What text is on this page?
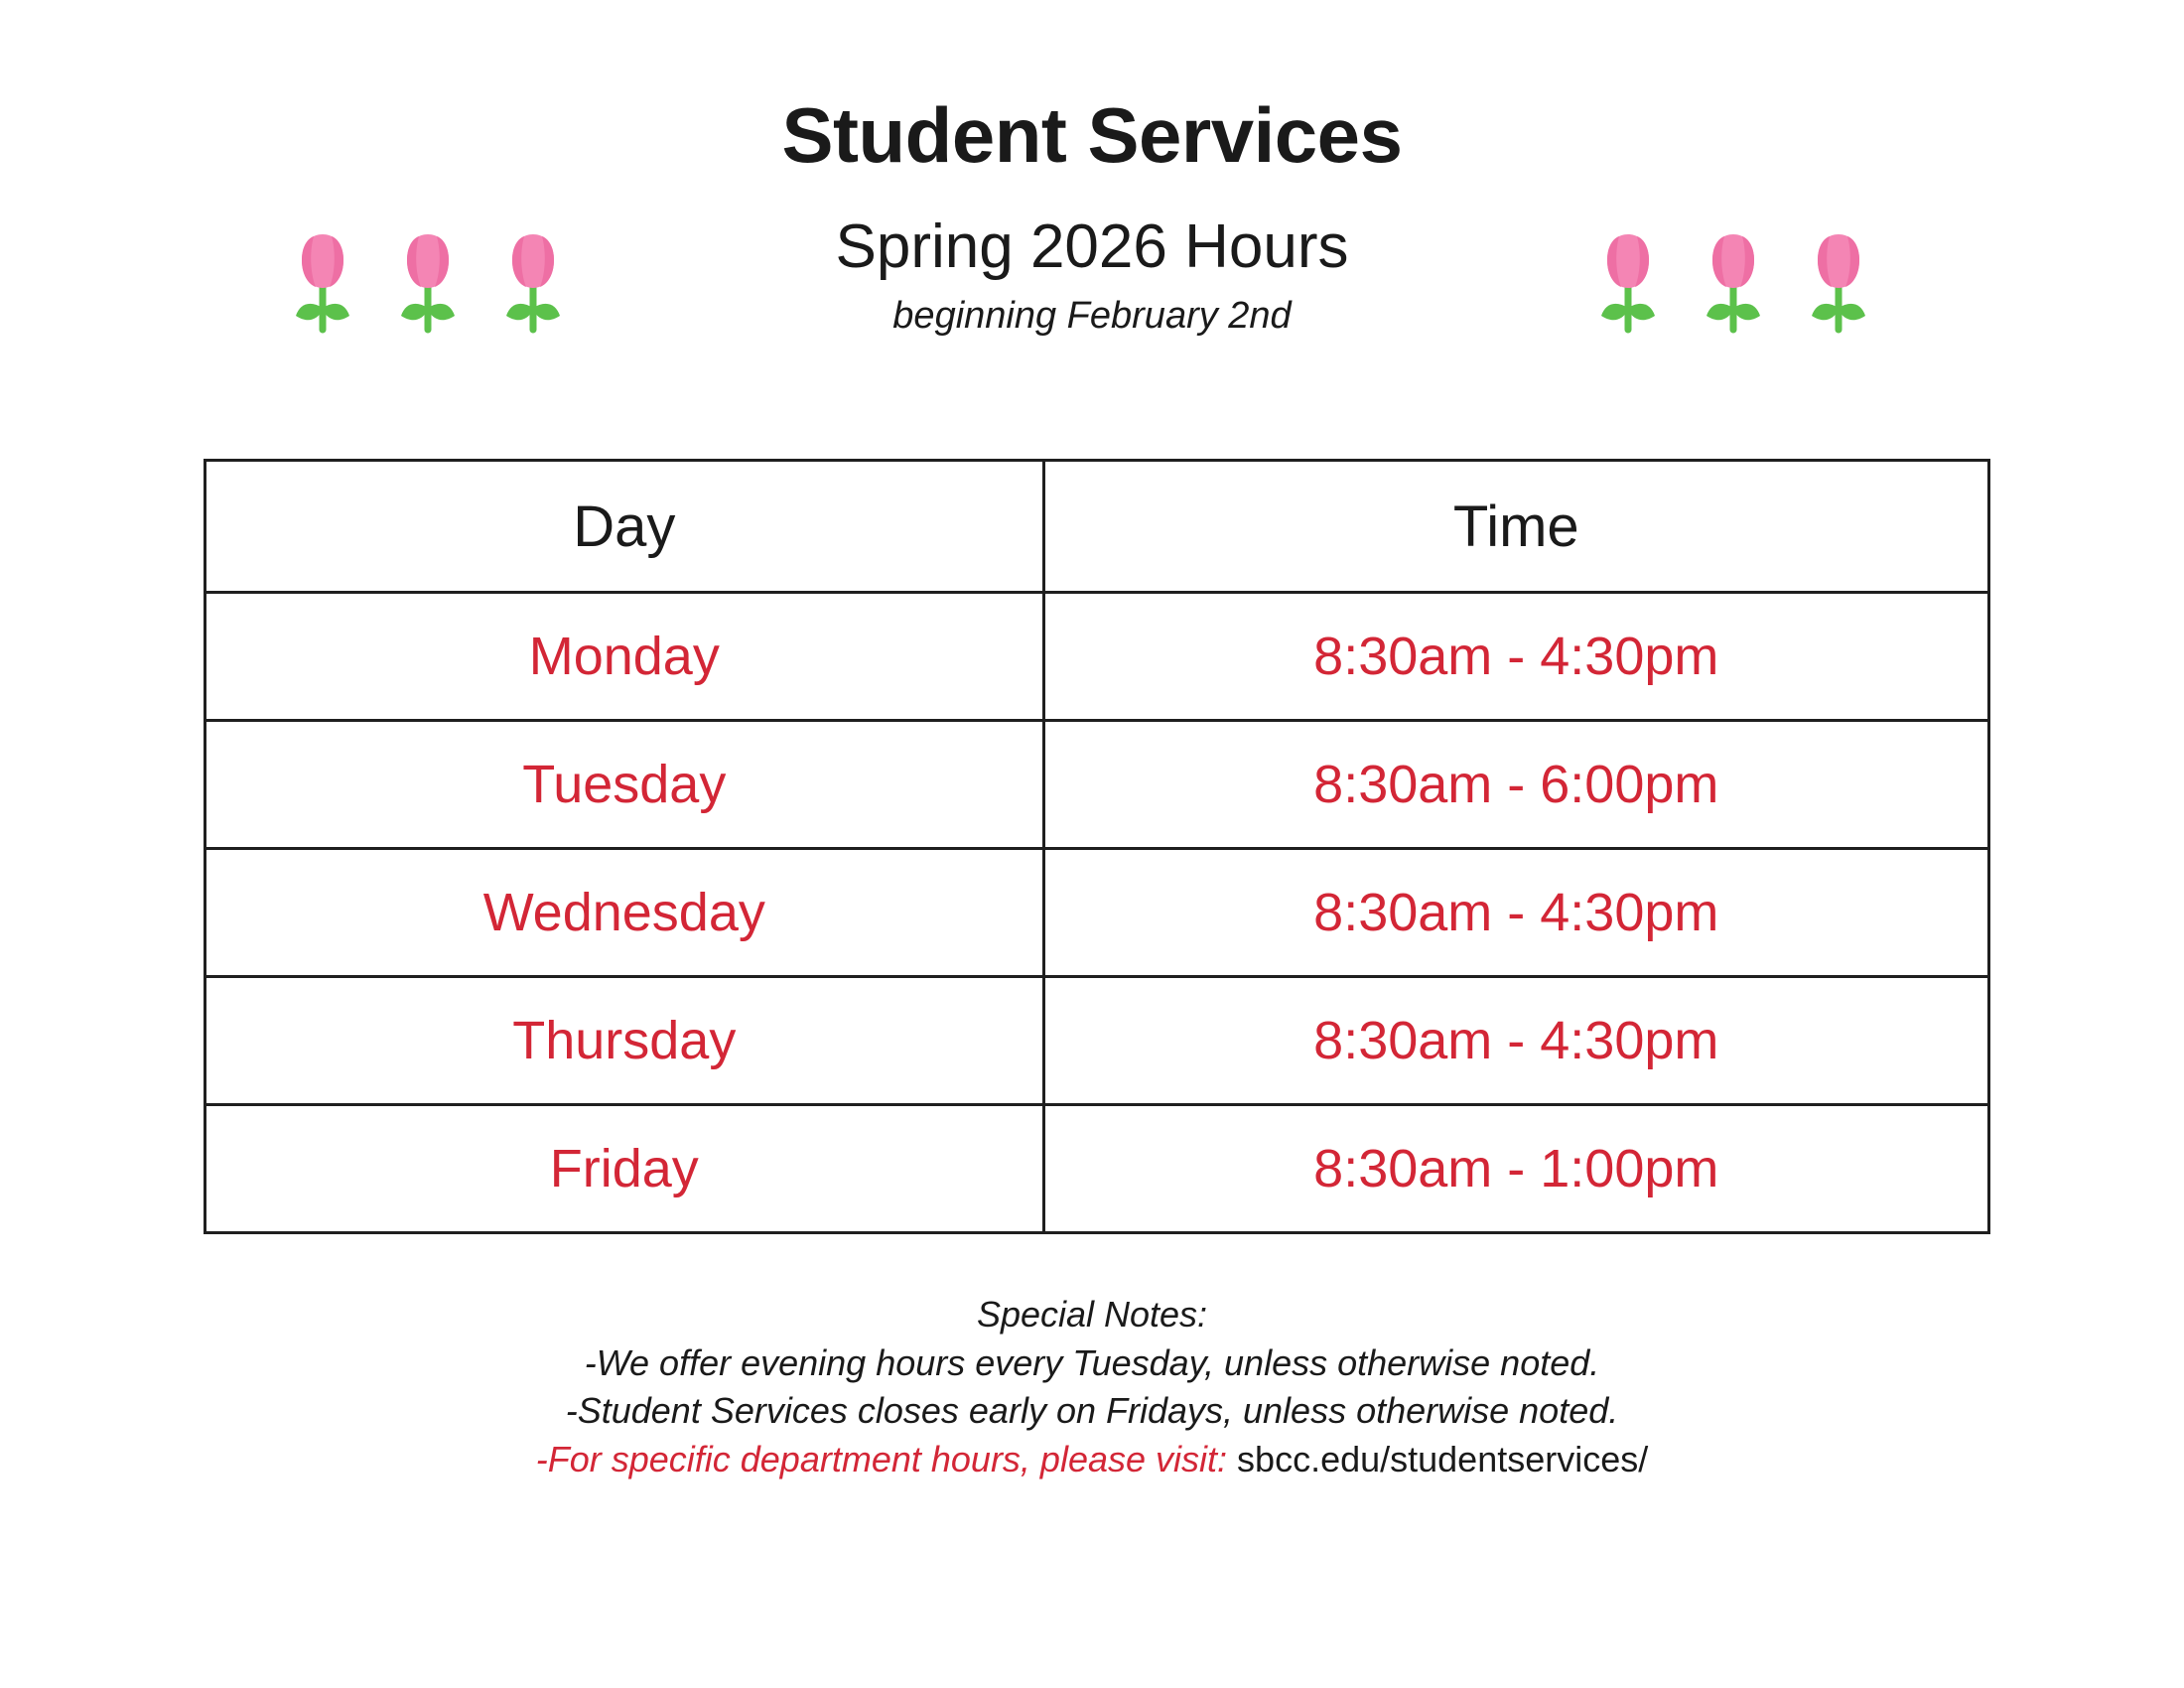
Student Services
Spring 2026 Hours

beginning February 2nd

Day	Time
Monday	8:30am - 4:30pm
Tuesday	8:30am - 6:00pm
Wednesday	8:30am - 4:30pm
Thursday	8:30am - 4:30pm
Friday	8:30am - 1:00pm
Special Notes:
-We offer evening hours every Tuesday, unless otherwise noted.
-Student Services closes early on Fridays, unless otherwise noted.
-For specific department hours, please visit: sbcc.edu/studentservices/
